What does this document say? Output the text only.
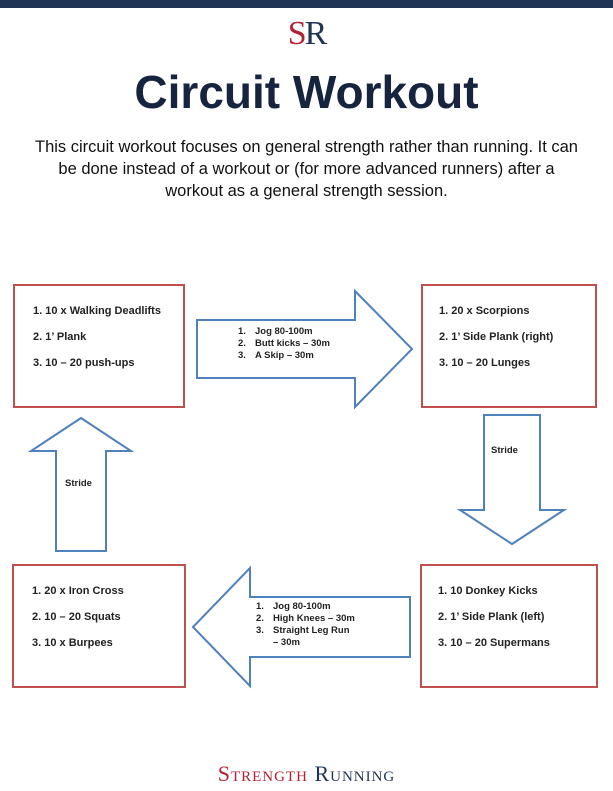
SR
Circuit Workout

This circuit workout focuses on general strength rather than running. It can be done instead of a workout or (for more advanced runners) after a workout as a general strength session.

1. 10 x Walking Deadlifts
2. 1’ Plank
3. 10 – 20 push-ups
1. 20 x Scorpions
2. 1’ Side Plank (right)
3. 10 – 20 Lunges
1. 10 Donkey Kicks
2. 1’ Side Plank (left)
3. 10 – 20 Supermans
1. 20 x Iron Cross
2. 10 – 20 Squats
3. 10 x Burpees
1. Jog 80-100m
2. Butt kicks – 30m
3. A Skip – 30m
1. Jog 80-100m
2. High Knees – 30m
3. Straight Leg Run
– 30m
Stride
Stride
Strength Running
